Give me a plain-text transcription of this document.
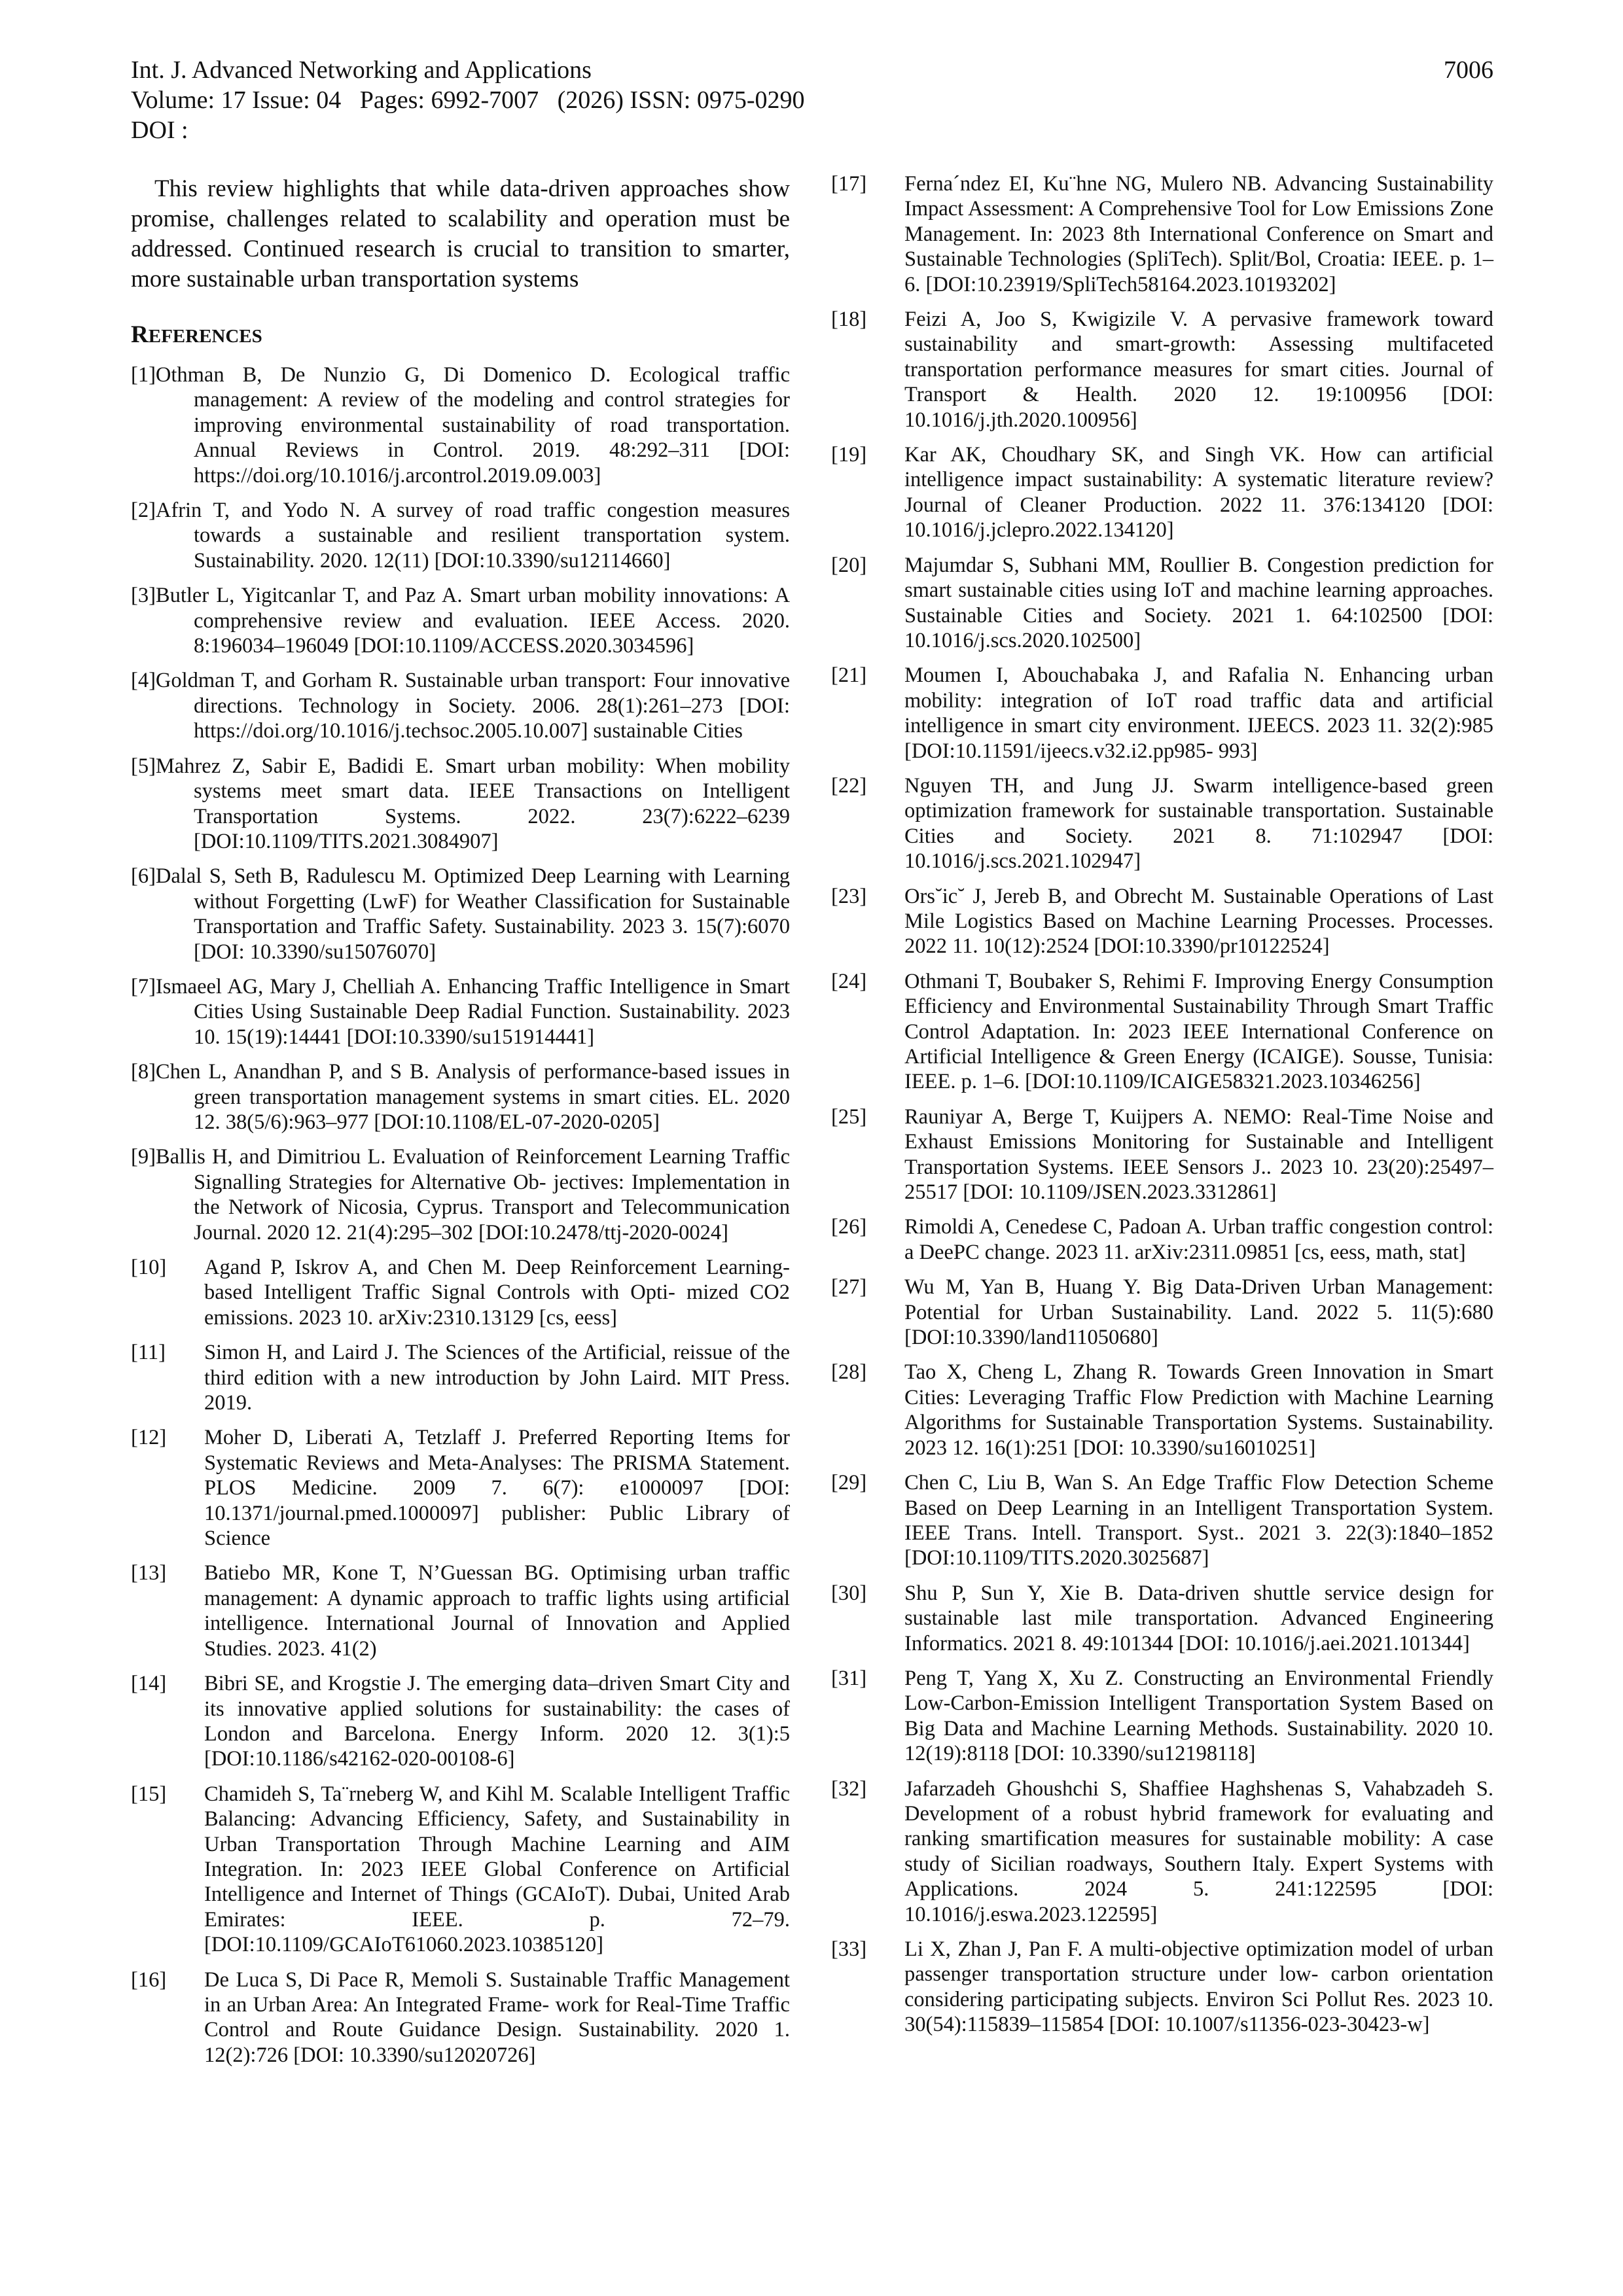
Int. J. Advanced Networking and Applications
Volume: 17 Issue: 04   Pages: 6992-7007   (2026) ISSN: 0975-0290
DOI :
7006

This review highlights that while data-driven approaches show promise, challenges related to scalability and operation must be addressed. Continued research is crucial to transition to smarter, more sustainable urban transportation systems

REFERENCES
[1]Othman B, De Nunzio G, Di Domenico D. Ecological traffic management: A review of the modeling and control strategies for improving environmental sustainability of road transportation. Annual Reviews in Control. 2019. 48:292–311 [DOI: https://doi.org/10.1016/j.arcontrol.2019.09.003]
[2]Afrin T, and Yodo N. A survey of road traffic congestion measures towards a sustainable and resilient transportation system. Sustainability. 2020. 12(11) [DOI:10.3390/su12114660]
[3]Butler L, Yigitcanlar T, and Paz A. Smart urban mobility innovations: A comprehensive review and evaluation. IEEE Access. 2020. 8:196034–196049 [DOI:10.1109/ACCESS.2020.3034596]
[4]Goldman T, and Gorham R. Sustainable urban transport: Four innovative directions. Technology in Society. 2006. 28(1):261–273 [DOI: https://doi.org/10.1016/j.techsoc.2005.10.007] sustainable Cities
[5]Mahrez Z, Sabir E, Badidi E. Smart urban mobility: When mobility systems meet smart data. IEEE Transactions on Intelligent Transportation Systems. 2022. 23(7):6222–6239 [DOI:10.1109/TITS.2021.3084907]
[6]Dalal S, Seth B, Radulescu M. Optimized Deep Learning with Learning without Forgetting (LwF) for Weather Classification for Sustainable Transportation and Traffic Safety. Sustainability. 2023 3. 15(7):6070 [DOI: 10.3390/su15076070]
[7]Ismaeel AG, Mary J, Chelliah A. Enhancing Traffic Intelligence in Smart Cities Using Sustainable Deep Radial Function. Sustainability. 2023 10. 15(19):14441 [DOI:10.3390/su151914441]
[8]Chen L, Anandhan P, and S B. Analysis of performance-based issues in green transportation management systems in smart cities. EL. 2020 12. 38(5/6):963–977 [DOI:10.1108/EL-07-2020-0205]
[9]Ballis H, and Dimitriou L. Evaluation of Reinforcement Learning Traffic Signalling Strategies for Alternative Ob- jectives: Implementation in the Network of Nicosia, Cyprus. Transport and Telecommunication Journal. 2020 12. 21(4):295–302 [DOI:10.2478/ttj-2020-0024]
[10] Agand P, Iskrov A, and Chen M. Deep Reinforcement Learning-based Intelligent Traffic Signal Controls with Opti- mized CO2 emissions. 2023 10. arXiv:2310.13129 [cs, eess]
[11] Simon H, and Laird J. The Sciences of the Artificial, reissue of the third edition with a new introduction by John Laird. MIT Press. 2019.
[12] Moher D, Liberati A, Tetzlaff J. Preferred Reporting Items for Systematic Reviews and Meta-Analyses: The PRISMA Statement. PLOS Medicine. 2009 7. 6(7): e1000097 [DOI: 10.1371/journal.pmed.1000097] publisher: Public Library of Science
[13] Batiebo MR, Kone T, N’Guessan BG. Optimising urban traffic management: A dynamic approach to traffic lights using artificial intelligence. International Journal of Innovation and Applied Studies. 2023. 41(2)
[14] Bibri SE, and Krogstie J. The emerging data–driven Smart City and its innovative applied solutions for sustainability: the cases of London and Barcelona. Energy Inform. 2020 12. 3(1):5 [DOI:10.1186/s42162-020-00108-6]
[15] Chamideh S, Ta¨rneberg W, and Kihl M. Scalable Intelligent Traffic Balancing: Advancing Efficiency, Safety, and Sustainability in Urban Transportation Through Machine Learning and AIM Integration. In: 2023 IEEE Global Conference on Artificial Intelligence and Internet of Things (GCAIoT). Dubai, United Arab Emirates: IEEE. p. 72–79. [DOI:10.1109/GCAIoT61060.2023.10385120]
[16] De Luca S, Di Pace R, Memoli S. Sustainable Traffic Management in an Urban Area: An Integrated Frame- work for Real-Time Traffic Control and Route Guidance Design. Sustainability. 2020 1. 12(2):726 [DOI: 10.3390/su12020726]
[17] Ferna´ndez EI, Ku¨hne NG, Mulero NB. Advancing Sustainability Impact Assessment: A Comprehensive Tool for Low Emissions Zone Management. In: 2023 8th International Conference on Smart and Sustainable Technologies (SpliTech). Split/Bol, Croatia: IEEE. p. 1–6. [DOI:10.23919/SpliTech58164.2023.10193202]
[18] Feizi A, Joo S, Kwigizile V. A pervasive framework toward sustainability and smart-growth: Assessing multifaceted transportation performance measures for smart cities. Journal of Transport & Health. 2020 12. 19:100956 [DOI: 10.1016/j.jth.2020.100956]
[19] Kar AK, Choudhary SK, and Singh VK. How can artificial intelligence impact sustainability: A systematic literature review? Journal of Cleaner Production. 2022 11. 376:134120 [DOI: 10.1016/j.jclepro.2022.134120]
[20] Majumdar S, Subhani MM, Roullier B. Congestion prediction for smart sustainable cities using IoT and machine learning approaches. Sustainable Cities and Society. 2021 1. 64:102500 [DOI: 10.1016/j.scs.2020.102500]
[21] Moumen I, Abouchabaka J, and Rafalia N. Enhancing urban mobility: integration of IoT road traffic data and artificial intelligence in smart city environment. IJEECS. 2023 11. 32(2):985 [DOI:10.11591/ijeecs.v32.i2.pp985- 993]
[22] Nguyen TH, and Jung JJ. Swarm intelligence-based green optimization framework for sustainable transportation. Sustainable Cities and Society. 2021 8. 71:102947 [DOI: 10.1016/j.scs.2021.102947]
[23] Ors˘ic˘ J, Jereb B, and Obrecht M. Sustainable Operations of Last Mile Logistics Based on Machine Learning Processes. Processes. 2022 11. 10(12):2524 [DOI:10.3390/pr10122524]
[24] Othmani T, Boubaker S, Rehimi F. Improving Energy Consumption Efficiency and Environmental Sustainability Through Smart Traffic Control Adaptation. In: 2023 IEEE International Conference on Artificial Intelligence & Green Energy (ICAIGE). Sousse, Tunisia: IEEE. p. 1–6. [DOI:10.1109/ICAIGE58321.2023.10346256]
[25] Rauniyar A, Berge T, Kuijpers A. NEMO: Real-Time Noise and Exhaust Emissions Monitoring for Sustainable and Intelligent Transportation Systems. IEEE Sensors J.. 2023 10. 23(20):25497–25517 [DOI: 10.1109/JSEN.2023.3312861]
[26] Rimoldi A, Cenedese C, Padoan A. Urban traffic congestion control: a DeePC change. 2023 11. arXiv:2311.09851 [cs, eess, math, stat]
[27] Wu M, Yan B, Huang Y. Big Data-Driven Urban Management: Potential for Urban Sustainability. Land. 2022 5. 11(5):680 [DOI:10.3390/land11050680]
[28] Tao X, Cheng L, Zhang R. Towards Green Innovation in Smart Cities: Leveraging Traffic Flow Prediction with Machine Learning Algorithms for Sustainable Transportation Systems. Sustainability. 2023 12. 16(1):251 [DOI: 10.3390/su16010251]
[29] Chen C, Liu B, Wan S. An Edge Traffic Flow Detection Scheme Based on Deep Learning in an Intelligent Transportation System. IEEE Trans. Intell. Transport. Syst.. 2021 3. 22(3):1840–1852 [DOI:10.1109/TITS.2020.3025687]
[30] Shu P, Sun Y, Xie B. Data-driven shuttle service design for sustainable last mile transportation. Advanced Engineering Informatics. 2021 8. 49:101344 [DOI: 10.1016/j.aei.2021.101344]
[31] Peng T, Yang X, Xu Z. Constructing an Environmental Friendly Low-Carbon-Emission Intelligent Transportation System Based on Big Data and Machine Learning Methods. Sustainability. 2020 10. 12(19):8118 [DOI: 10.3390/su12198118]
[32] Jafarzadeh Ghoushchi S, Shaffiee Haghshenas S, Vahabzadeh S. Development of a robust hybrid framework for evaluating and ranking smartification measures for sustainable mobility: A case study of Sicilian roadways, Southern Italy. Expert Systems with Applications. 2024 5. 241:122595 [DOI: 10.1016/j.eswa.2023.122595]
[33] Li X, Zhan J, Pan F. A multi-objective optimization model of urban passenger transportation structure under low- carbon orientation considering participating subjects. Environ Sci Pollut Res. 2023 10. 30(54):115839–115854 [DOI: 10.1007/s11356-023-30423-w]
